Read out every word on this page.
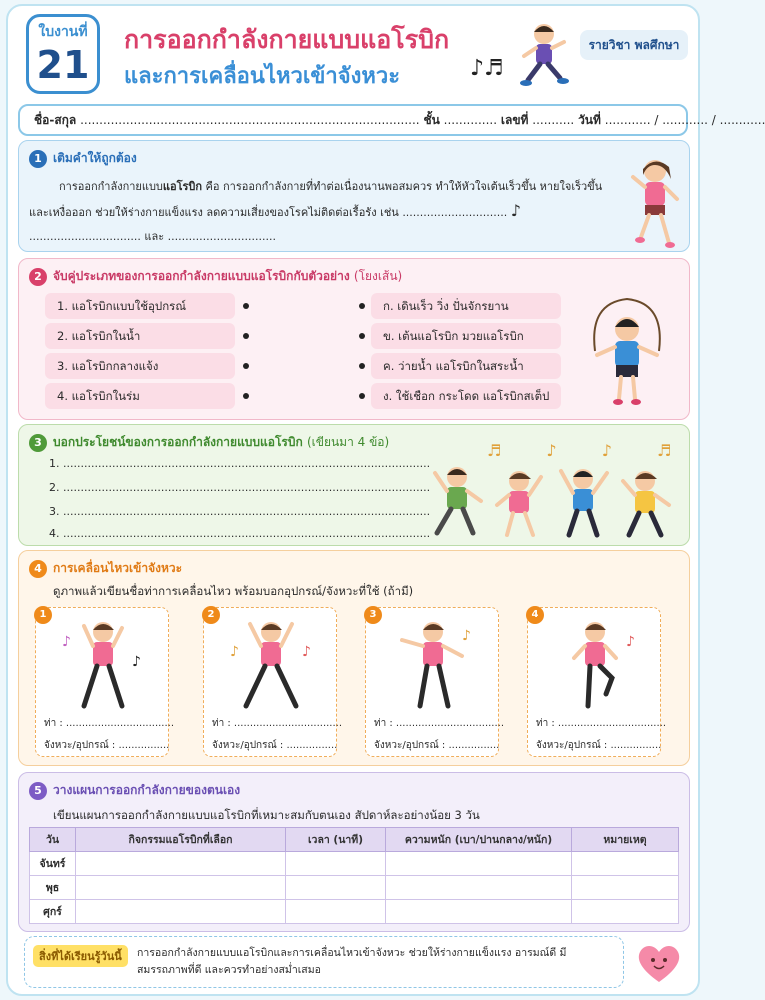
ใบงานที่
21
การออกกำลังกายแบบแอโรบิก
และการเคลื่อนไหวเข้าจังหวะ	♪♬
รายวิชา พลศึกษา
ชื่อ-สกุล ......................................................................................... ชั้น .............. เลขที่ ........... วันที่ ............ / ............ / ............
1 เติมคำให้ถูกต้อง
การออกกำลังกายแบบแอโรบิก คือ การออกกำลังกายที่ทำต่อเนื่องนานพอสมควร ทำให้หัวใจเต้นเร็วขึ้น หายใจเร็วขึ้น และเหงื่อออก ช่วยให้ร่างกายแข็งแรง ลดความเสี่ยงของโรคไม่ติดต่อเรื้อรัง เช่น .............................. ♪
................................ และ ...............................
2 จับคู่ประเภทของการออกกำลังกายแบบแอโรบิกกับตัวอย่าง (โยงเส้น)
1. แอโรบิกแบบใช้อุปกรณ์
2. แอโรบิกในน้ำ
3. แอโรบิกกลางแจ้ง
4. แอโรบิกในร่ม
ก. เดินเร็ว วิ่ง ปั่นจักรยาน
ข. เต้นแอโรบิก มวยแอโรบิก
ค. ว่ายน้ำ แอโรบิกในสระน้ำ
ง. ใช้เชือก กระโดด แอโรบิกสเต็ป
3 บอกประโยชน์ของการออกกำลังกายแบบแอโรบิก (เขียนมา 4 ข้อ)
1. .........................................................................................................
2. .........................................................................................................
3. .........................................................................................................
4. .........................................................................................................
♬ ♪ ♪ ♬
4 การเคลื่อนไหวเข้าจังหวะ
ดูภาพแล้วเขียนชื่อท่าการเคลื่อนไหว พร้อมบอกอุปกรณ์/จังหวะที่ใช้ (ถ้ามี)
1
♪
♪
ท่า : ..................................
จังหวะ/อุปกรณ์ : ................
2
♪	♪
ท่า : ..................................
จังหวะ/อุปกรณ์ : ................
3
♪
ท่า : ..................................
จังหวะ/อุปกรณ์ : ................
4
♪
ท่า : ..................................
จังหวะ/อุปกรณ์ : ................
5 วางแผนการออกกำลังกายของตนเอง
เขียนแผนการออกกำลังกายแบบแอโรบิกที่เหมาะสมกับตนเอง สัปดาห์ละอย่างน้อย 3 วัน
วัน	กิจกรรมแอโรบิกที่เลือก	เวลา (นาที)	ความหนัก (เบา/ปานกลาง/หนัก)	หมายเหตุ
จันทร์				
พุธ				
ศุกร์				
สิ่งที่ได้เรียนรู้วันนี้	การออกกำลังกายแบบแอโรบิกและการเคลื่อนไหวเข้าจังหวะ ช่วยให้ร่างกายแข็งแรง อารมณ์ดี มีสมรรถภาพที่ดี และควรทำอย่างสม่ำเสมอ
